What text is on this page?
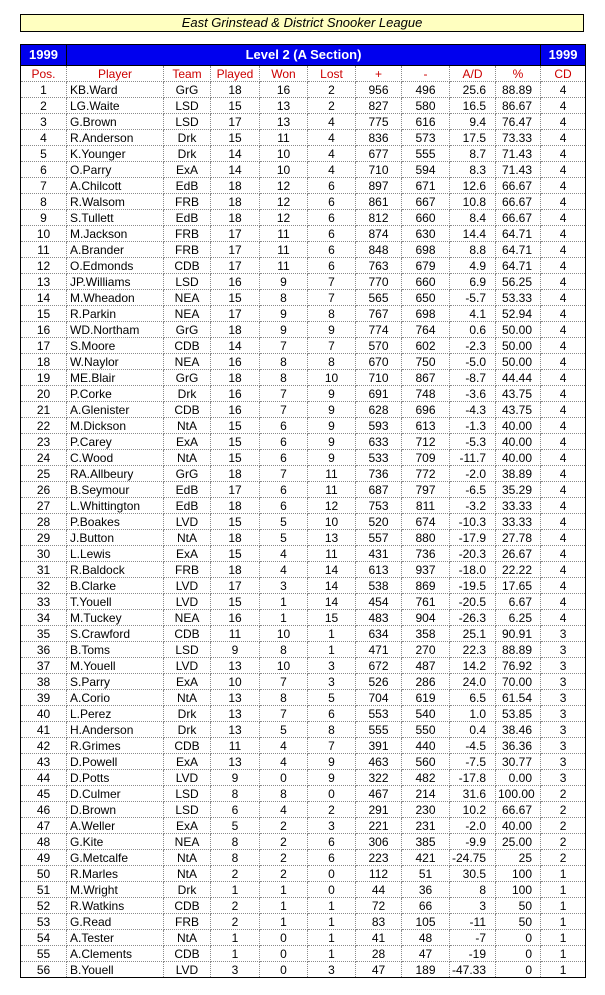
East Grinstead & District Snooker League
1999	Level 2 (A Section)									1999
Pos.	Player	Team	Played	Won	Lost	+	-	A/D	%	CD
1	KB.Ward	GrG	18	16	2	956	496	25.6	88.89	4
2	LG.Waite	LSD	15	13	2	827	580	16.5	86.67	4
3	G.Brown	LSD	17	13	4	775	616	9.4	76.47	4
4	R.Anderson	Drk	15	11	4	836	573	17.5	73.33	4
5	K.Younger	Drk	14	10	4	677	555	8.7	71.43	4
6	O.Parry	ExA	14	10	4	710	594	8.3	71.43	4
7	A.Chilcott	EdB	18	12	6	897	671	12.6	66.67	4
8	R.Walsom	FRB	18	12	6	861	667	10.8	66.67	4
9	S.Tullett	EdB	18	12	6	812	660	8.4	66.67	4
10	M.Jackson	FRB	17	11	6	874	630	14.4	64.71	4
11	A.Brander	FRB	17	11	6	848	698	8.8	64.71	4
12	O.Edmonds	CDB	17	11	6	763	679	4.9	64.71	4
13	JP.Williams	LSD	16	9	7	770	660	6.9	56.25	4
14	M.Wheadon	NEA	15	8	7	565	650	-5.7	53.33	4
15	R.Parkin	NEA	17	9	8	767	698	4.1	52.94	4
16	WD.Northam	GrG	18	9	9	774	764	0.6	50.00	4
17	S.Moore	CDB	14	7	7	570	602	-2.3	50.00	4
18	W.Naylor	NEA	16	8	8	670	750	-5.0	50.00	4
19	ME.Blair	GrG	18	8	10	710	867	-8.7	44.44	4
20	P.Corke	Drk	16	7	9	691	748	-3.6	43.75	4
21	A.Glenister	CDB	16	7	9	628	696	-4.3	43.75	4
22	M.Dickson	NtA	15	6	9	593	613	-1.3	40.00	4
23	P.Carey	ExA	15	6	9	633	712	-5.3	40.00	4
24	C.Wood	NtA	15	6	9	533	709	-11.7	40.00	4
25	RA.Allbeury	GrG	18	7	11	736	772	-2.0	38.89	4
26	B.Seymour	EdB	17	6	11	687	797	-6.5	35.29	4
27	L.Whittington	EdB	18	6	12	753	811	-3.2	33.33	4
28	P.Boakes	LVD	15	5	10	520	674	-10.3	33.33	4
29	J.Button	NtA	18	5	13	557	880	-17.9	27.78	4
30	L.Lewis	ExA	15	4	11	431	736	-20.3	26.67	4
31	R.Baldock	FRB	18	4	14	613	937	-18.0	22.22	4
32	B.Clarke	LVD	17	3	14	538	869	-19.5	17.65	4
33	T.Youell	LVD	15	1	14	454	761	-20.5	6.67	4
34	M.Tuckey	NEA	16	1	15	483	904	-26.3	6.25	4
35	S.Crawford	CDB	11	10	1	634	358	25.1	90.91	3
36	B.Toms	LSD	9	8	1	471	270	22.3	88.89	3
37	M.Youell	LVD	13	10	3	672	487	14.2	76.92	3
38	S.Parry	ExA	10	7	3	526	286	24.0	70.00	3
39	A.Corio	NtA	13	8	5	704	619	6.5	61.54	3
40	L.Perez	Drk	13	7	6	553	540	1.0	53.85	3
41	H.Anderson	Drk	13	5	8	555	550	0.4	38.46	3
42	R.Grimes	CDB	11	4	7	391	440	-4.5	36.36	3
43	D.Powell	ExA	13	4	9	463	560	-7.5	30.77	3
44	D.Potts	LVD	9	0	9	322	482	-17.8	0.00	3
45	D.Culmer	LSD	8	8	0	467	214	31.6	100.00	2
46	D.Brown	LSD	6	4	2	291	230	10.2	66.67	2
47	A.Weller	ExA	5	2	3	221	231	-2.0	40.00	2
48	G.Kite	NEA	8	2	6	306	385	-9.9	25.00	2
49	G.Metcalfe	NtA	8	2	6	223	421	-24.75	25	2
50	R.Marles	NtA	2	2	0	112	51	30.5	100	1
51	M.Wright	Drk	1	1	0	44	36	8	100	1
52	R.Watkins	CDB	2	1	1	72	66	3	50	1
53	G.Read	FRB	2	1	1	83	105	-11	50	1
54	A.Tester	NtA	1	0	1	41	48	-7	0	1
55	A.Clements	CDB	1	0	1	28	47	-19	0	1
56	B.Youell	LVD	3	0	3	47	189	-47.33	0	1
